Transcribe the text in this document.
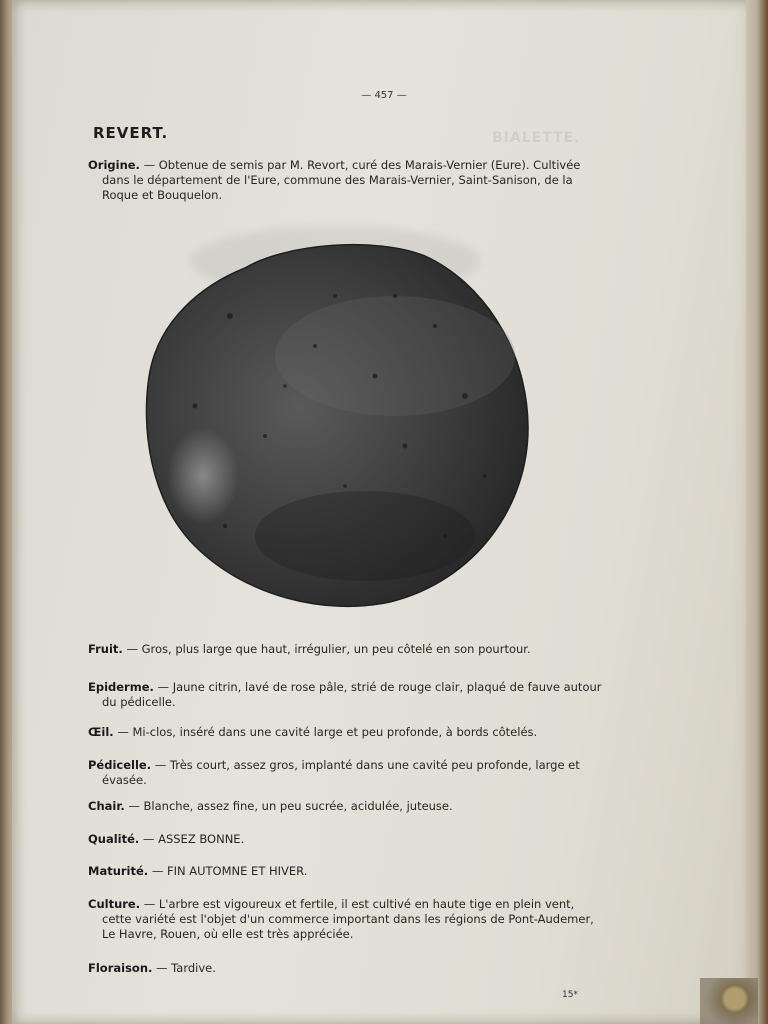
BIALETTE.
— 457 —
REVERT.
Origine. — Obtenue de semis par M. Revort, curé des Marais-Vernier (Eure). Cultivée dans le département de l'Eure, commune des Marais-Vernier, Saint-Sanison, de la Roque et Bouquelon.
Fruit. — Gros, plus large que haut, irrégulier, un peu côtelé en son pourtour.
Epiderme. — Jaune citrin, lavé de rose pâle, strié de rouge clair, plaqué de fauve autour du pédicelle.
Œil. — Mi-clos, inséré dans une cavité large et peu profonde, à bords côtelés.
Pédicelle. — Très court, assez gros, implanté dans une cavité peu profonde, large et évasée.
Chair. — Blanche, assez fine, un peu sucrée, acidulée, juteuse.
Qualité. — ASSEZ BONNE.
Maturité. — FIN AUTOMNE ET HIVER.
Culture. — L'arbre est vigoureux et fertile, il est cultivé en haute tige en plein vent, cette variété est l'objet d'un commerce important dans les régions de Pont-Audemer, Le Havre, Rouen, où elle est très appréciée.
Floraison. — Tardive.
15*
